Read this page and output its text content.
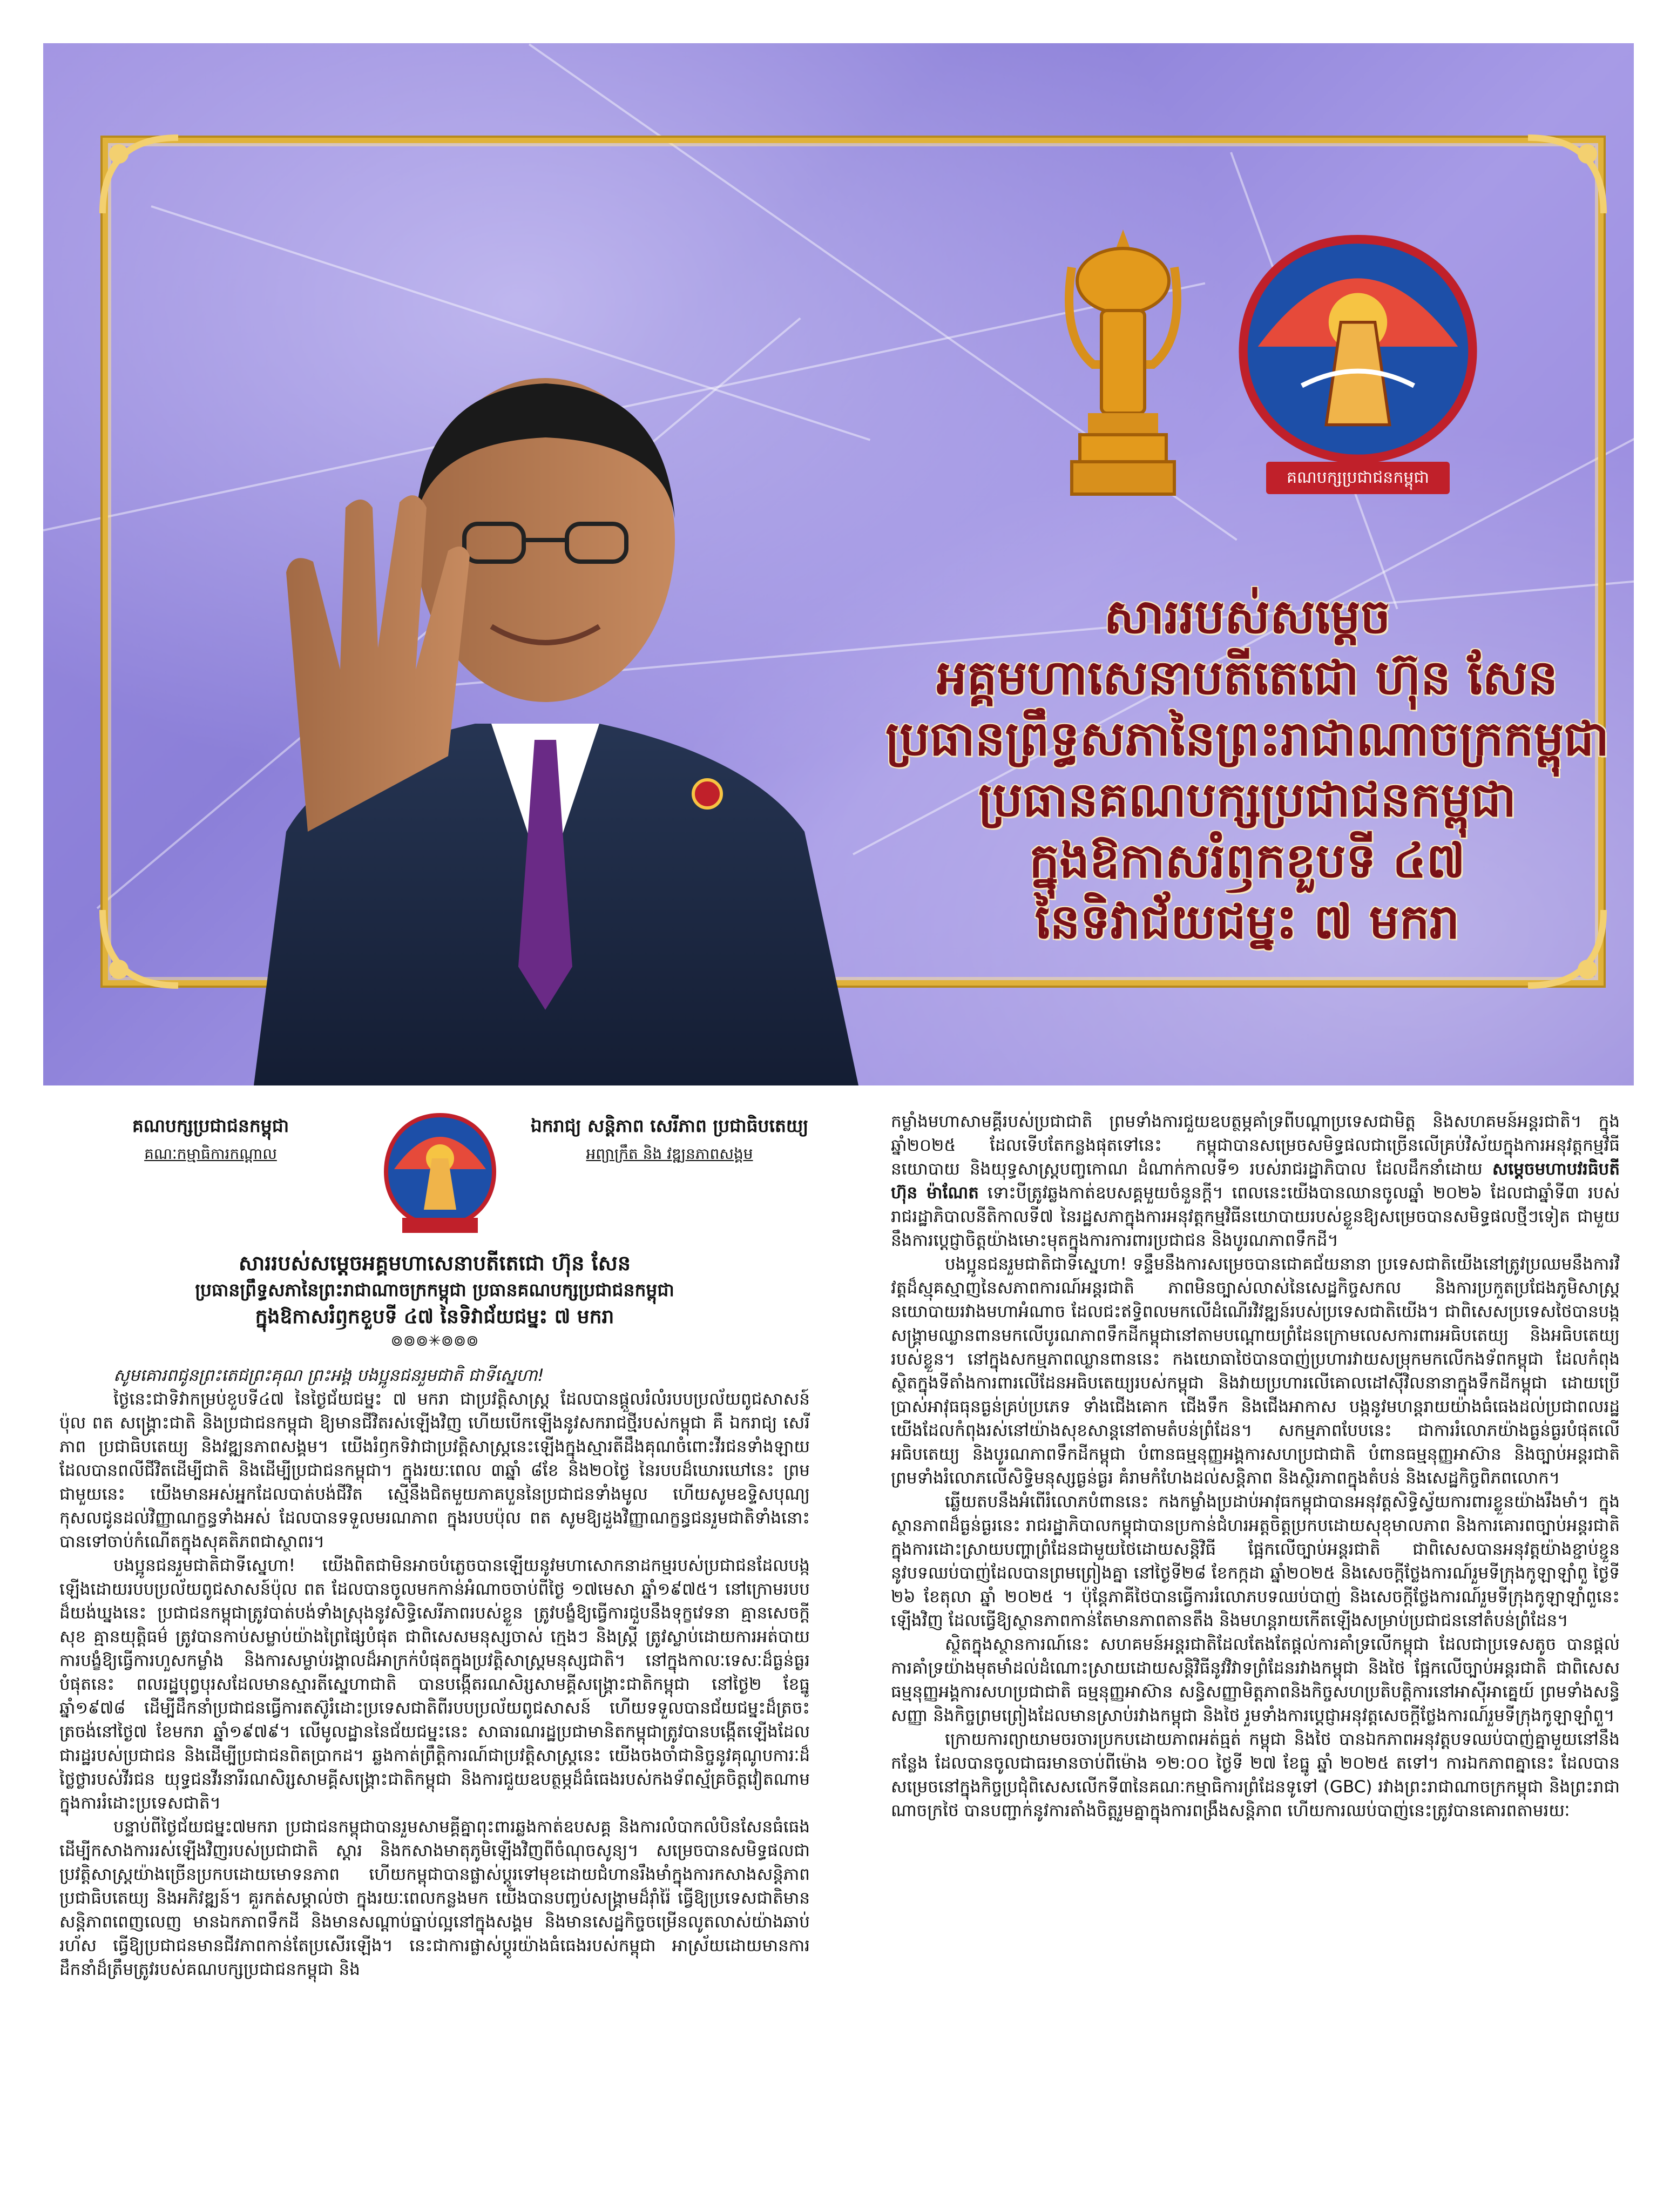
គណបក្សប្រជាជនកម្ពុជា
សាររបស់សម្ដេច
អគ្គមហាសេនាបតីតេជោ ហ៊ុន សែន
ប្រធានព្រឹទ្ធសភានៃព្រះរាជាណាចក្រកម្ពុជា
ប្រធានគណបក្សប្រជាជនកម្ពុជា
ក្នុងឱកាសរំឭកខួបទី ៤៧
នៃទិវាជ័យជម្នះ ៧ មករា
គណបក្សប្រជាជនកម្ពុជា
គណៈកម្មាធិការកណ្ដាល
ឯករាជ្យ សន្តិភាព សេរីភាព ប្រជាធិបតេយ្យ
អព្យាក្រឹត និង វឌ្ឍនភាពសង្គម
សាររបស់សម្តេចអគ្គមហាសេនាបតីតេជោ ហ៊ុន សែន
ប្រធានព្រឹទ្ធសភានៃព្រះរាជាណាចក្រកម្ពុជា ប្រធានគណបក្សប្រជាជនកម្ពុជា
ក្នុងឱកាសរំឭកខួបទី ៤៧ នៃទិវាជ័យជម្នះ ៧ មករា
៙៙៙✳៙៙៙

សូមគោរពជូនព្រះតេជព្រះគុណ ព្រះអង្គ បងប្អូនជនរួមជាតិ ជាទីស្នេហា!

ថ្ងៃនេះជាទិវាកម្រប់ខួបទី៤៧ នៃថ្ងៃជ័យជម្នះ ៧ មករា ជាប្រវត្តិសាស្ត្រ ដែលបានផ្ដួលរំលំរបបប្រល័យពូជសាសន៍ ប៉ុល ពត សង្គ្រោះជាតិ និងប្រជាជនកម្ពុជា ឱ្យមានជីវិតរស់ឡើងវិញ ហើយបើកឡើងនូវសករាជថ្មីរបស់កម្ពុជា គឺ ឯករាជ្យ សេរីភាព ប្រជាធិបតេយ្យ និងវឌ្ឍនភាពសង្គម។ យើងរំឭកទិវាជាប្រវត្តិសាស្ត្រនេះឡើងក្នុងស្មារតីដឹងគុណចំពោះវីរជនទាំងឡាយ ដែលបានពលីជីវិតដើម្បីជាតិ និងដើម្បីប្រជាជនកម្ពុជា។ ក្នុងរយៈពេល ៣ឆ្នាំ ៨ខែ និង២០ថ្ងៃ នៃរបបដ៏ឃោរឃៅនេះ ព្រមជាមួយនេះ យើងមានអស់អ្នកដែលបាត់បង់ជីវិត ស្មើនឹងជិតមួយភាគបួននៃប្រជាជនទាំងមូល ហើយសូមឧទ្ទិសបុណ្យកុសលជូនដល់វិញ្ញាណក្ខន្ធទាំងអស់ ដែលបានទទួលមរណភាព ក្នុងរបបប៉ុល ពត សូមឱ្យដួងវិញ្ញាណក្ខន្ធជនរួមជាតិទាំងនោះ បានទៅចាប់កំណើតក្នុងសុគតិភពជាស្ថាពរ។

បងប្អូនជនរួមជាតិជាទីស្នេហា! យើងពិតជាមិនអាចបំភ្លេចបានឡើយនូវមហាសោកនាដកម្មរបស់ប្រជាជនដែលបង្កឡើងដោយរបបប្រល័យពូជសាសន៍ប៉ុល ពត ដែលបានចូលមកកាន់អំណាចចាប់ពីថ្ងៃ ១៧មេសា ឆ្នាំ១៩៧៥។ នៅក្រោមរបបដ៏យង់ឃ្នងនេះ ប្រជាជនកម្ពុជាត្រូវបាត់បង់ទាំងស្រុងនូវសិទ្ធិសេរីភាពរបស់ខ្លួន ត្រូវបង្ខំឱ្យធ្វើការជួបនឹងទុក្ខវេទនា គ្មានសេចក្ដីសុខ គ្មានយុត្តិធម៌ ត្រូវបានកាប់សម្លាប់យ៉ាងព្រៃផ្សៃបំផុត ជាពិសេសមនុស្សចាស់ ក្មេងៗ និងស្ត្រី ត្រូវស្លាប់ដោយការអត់បាយ ការបង្ខំឱ្យធ្វើការហួសកម្លាំង និងការសម្លាប់រង្គាលដ៏អាក្រក់បំផុតក្នុងប្រវត្តិសាស្ត្រមនុស្សជាតិ។ នៅក្នុងកាលៈទេសៈដ៏ធ្ងន់ធ្ងរបំផុតនេះ ពលរដ្ឋបុព្វបុរសដែលមានស្មារតីស្នេហាជាតិ បានបង្កើតរណសិរ្សសាមគ្គីសង្គ្រោះជាតិកម្ពុជា នៅថ្ងៃ២ ខែធ្នូ ឆ្នាំ១៩៧៨ ដើម្បីដឹកនាំប្រជាជនធ្វើការតស៊ូរំដោះប្រទេសជាតិពីរបបប្រល័យពូជសាសន៍ ហើយទទួលបានជ័យជម្នះដ៏ត្រចះត្រចង់នៅថ្ងៃ៧ ខែមករា ឆ្នាំ១៩៧៩។ លើមូលដ្ឋាននៃជ័យជម្នះនេះ សាធារណរដ្ឋប្រជាមានិតកម្ពុជាត្រូវបានបង្កើតឡើងដែលជារដ្ឋរបស់ប្រជាជន និងដើម្បីប្រជាជនពិតប្រាកដ។ ឆ្លងកាត់ព្រឹត្តិការណ៍ជាប្រវត្តិសាស្ត្រនេះ យើងចងចាំជានិច្ចនូវគុណូបការៈដ៏ថ្លៃថ្លារបស់វីរជន យុទ្ធជនវីរនារីរណសិរ្សសាមគ្គីសង្គ្រោះជាតិកម្ពុជា និងការជួយឧបត្ថម្ភដ៏ធំធេងរបស់កងទ័ពស្ម័គ្រចិត្តវៀតណាម ក្នុងការរំដោះប្រទេសជាតិ។

បន្ទាប់ពីថ្ងៃជ័យជម្នះ៧មករា ប្រជាជនកម្ពុជាបានរួមសាមគ្គីគ្នាពុះពារឆ្លងកាត់ឧបសគ្គ និងការលំបាកលំបិនសែនធំធេង ដើម្បីកសាងការរស់ឡើងវិញរបស់ប្រជាជាតិ ស្តារ និងកសាងមាតុភូមិឡើងវិញពីចំណុចសូន្យ។ សម្រេចបានសមិទ្ធផលជាប្រវត្តិសាស្ត្រយ៉ាងច្រើនប្រកបដោយមោទនភាព ហើយកម្ពុជាបានផ្លាស់ប្តូរទៅមុខដោយជំហានរឹងមាំក្នុងការកសាងសន្តិភាព ប្រជាធិបតេយ្យ និងអភិវឌ្ឍន៍។ គួរកត់សម្គាល់ថា ក្នុងរយៈពេលកន្លងមក យើងបានបញ្ចប់សង្គ្រាមដ៏រ៉ាំរ៉ៃ ធ្វើឱ្យប្រទេសជាតិមានសន្តិភាពពេញលេញ មានឯកភាពទឹកដី និងមានសណ្ដាប់ធ្នាប់ល្អនៅក្នុងសង្គម និងមានសេដ្ឋកិច្ចចម្រើនលូតលាស់យ៉ាងឆាប់រហ័ស ធ្វើឱ្យប្រជាជនមានជីវភាពកាន់តែប្រសើរឡើង។ នេះជាការផ្លាស់ប្ដូរយ៉ាងធំធេងរបស់កម្ពុជា អាស្រ័យដោយមានការដឹកនាំដ៏ត្រឹមត្រូវរបស់គណបក្សប្រជាជនកម្ពុជា និង

កម្លាំងមហាសាមគ្គីរបស់ប្រជាជាតិ ព្រមទាំងការជួយឧបត្ថម្ភគាំទ្រពីបណ្ដាប្រទេសជាមិត្ត និងសហគមន៍អន្តរជាតិ។ ក្នុងឆ្នាំ២០២៥ ដែលទើបតែកន្លងផុតទៅនេះ កម្ពុជាបានសម្រេចសមិទ្ធផលជាច្រើនលើគ្រប់វិស័យក្នុងការអនុវត្តកម្មវិធីនយោបាយ និងយុទ្ធសាស្ត្របញ្ចកោណ ដំណាក់កាលទី១ របស់រាជរដ្ឋាភិបាល ដែលដឹកនាំដោយ សម្ដេចមហាបវរធិបតី ហ៊ុន ម៉ាណែត ទោះបីត្រូវឆ្លងកាត់ឧបសគ្គមួយចំនួនក្ដី។ ពេលនេះយើងបានឈានចូលឆ្នាំ ២០២៦ ដែលជាឆ្នាំទី៣ របស់រាជរដ្ឋាភិបាលនីតិកាលទី៧ នៃរដ្ឋសភាក្នុងការអនុវត្តកម្មវិធីនយោបាយរបស់ខ្លួនឱ្យសម្រេចបានសមិទ្ធផលថ្មីៗទៀត ជាមួយនឹងការប្ដេជ្ញាចិត្តយ៉ាងមោះមុតក្នុងការការពារប្រជាជន និងបូរណភាពទឹកដី។

បងប្អូនជនរួមជាតិជាទីស្នេហា! ទន្ទឹមនឹងការសម្រេចបានជោគជ័យនានា ប្រទេសជាតិយើងនៅត្រូវប្រឈមនឹងការវិវត្តដ៏ស្មុគស្មាញនៃសភាពការណ៍អន្តរជាតិ ភាពមិនច្បាស់លាស់នៃសេដ្ឋកិច្ចសកល និងការប្រកួតប្រជែងភូមិសាស្ត្រនយោបាយរវាងមហាអំណាច ដែលជះឥទ្ធិពលមកលើដំណើរវិវឌ្ឍន៍របស់ប្រទេសជាតិយើង។ ជាពិសេសប្រទេសថៃបានបង្កសង្គ្រាមឈ្លានពានមកលើបូរណភាពទឹកដីកម្ពុជានៅតាមបណ្ដោយព្រំដែនក្រោមលេសការពារអធិបតេយ្យ និងអធិបតេយ្យរបស់ខ្លួន។ នៅក្នុងសកម្មភាពឈ្លានពាននេះ កងយោធាថៃបានបាញ់ប្រហារវាយសម្រុកមកលើកងទ័ពកម្ពុជា ដែលកំពុងស្ថិតក្នុងទីតាំងការពារលើដែនអធិបតេយ្យរបស់កម្ពុជា និងវាយប្រហារលើគោលដៅស៊ីវិលនានាក្នុងទឹកដីកម្ពុជា ដោយប្រើប្រាស់អាវុធធុនធ្ងន់គ្រប់ប្រភេទ ទាំងជើងគោក ជើងទឹក និងជើងអាកាស បង្កនូវមហន្តរាយយ៉ាងធំធេងដល់ប្រជាពលរដ្ឋយើងដែលកំពុងរស់នៅយ៉ាងសុខសាន្តនៅតាមតំបន់ព្រំដែន។ សកម្មភាពបែបនេះ ជាការរំលោភយ៉ាងធ្ងន់ធ្ងរបំផុតលើអធិបតេយ្យ និងបូរណភាពទឹកដីកម្ពុជា បំពានធម្មនុញ្ញអង្គការសហប្រជាជាតិ បំពានធម្មនុញ្ញអាស៊ាន និងច្បាប់អន្តរជាតិ ព្រមទាំងរំលោភលើសិទ្ធិមនុស្សធ្ងន់ធ្ងរ គំរាមកំហែងដល់សន្តិភាព និងស្ថិរភាពក្នុងតំបន់ និងសេដ្ឋកិច្ចពិភពលោក។

ឆ្លើយតបនឹងអំពើរំលោភបំពាននេះ កងកម្លាំងប្រដាប់អាវុធកម្ពុជាបានអនុវត្តសិទ្ធិស្វ័យការពារខ្លួនយ៉ាងរឹងមាំ។ ក្នុងស្ថានភាពដ៏ធ្ងន់ធ្ងរនេះ រាជរដ្ឋាភិបាលកម្ពុជាបានប្រកាន់ជំហរអត្តចិត្តប្រកបដោយសុខុមាលភាព និងការគោរពច្បាប់អន្តរជាតិ ក្នុងការដោះស្រាយបញ្ហាព្រំដែនជាមួយថៃដោយសន្តិវិធី ផ្អែកលើច្បាប់អន្តរជាតិ ជាពិសេសបានអនុវត្តយ៉ាងខ្ជាប់ខ្ជួននូវបទឈប់បាញ់ដែលបានព្រមព្រៀងគ្នា នៅថ្ងៃទី២៨ ខែកក្កដា ឆ្នាំ២០២៥ និងសេចក្តីថ្លែងការណ៍រួមទីក្រុងកូឡាឡាំពួ ថ្ងៃទី ២៦ ខែតុលា ឆ្នាំ ២០២៥ ។ ប៉ុន្តែភាគីថៃបានធ្វើការរំលោភបទឈប់បាញ់ និងសេចក្ដីថ្លែងការណ៍រួមទីក្រុងកូឡាឡាំពួនេះឡើងវិញ ដែលធ្វើឱ្យស្ថានភាពកាន់តែមានភាពតានតឹង និងមហន្តរាយកើតឡើងសម្រាប់ប្រជាជននៅតំបន់ព្រំដែន។

ស្ថិតក្នុងស្ថានការណ៍នេះ សហគមន៍អន្តរជាតិដែលតែងតែផ្ដល់ការគាំទ្រលើកម្ពុជា ដែលជាប្រទេសតូច បានផ្ដល់ការគាំទ្រយ៉ាងមុតមាំដល់ដំណោះស្រាយដោយសន្តិវិធីនូវវិវាទព្រំដែនរវាងកម្ពុជា និងថៃ ផ្អែកលើច្បាប់អន្តរជាតិ ជាពិសេស ធម្មនុញ្ញអង្គការសហប្រជាជាតិ ធម្មនុញ្ញអាស៊ាន សន្ធិសញ្ញាមិត្តភាពនិងកិច្ចសហប្រតិបត្តិការនៅអាស៊ីអាគ្នេយ៍ ព្រមទាំងសន្ធិសញ្ញា និងកិច្ចព្រមព្រៀងដែលមានស្រាប់រវាងកម្ពុជា និងថៃ រួមទាំងការប្ដេជ្ញាអនុវត្តសេចក្ដីថ្លែងការណ៍រួមទីក្រុងកូឡាឡាំពួ។

ក្រោយការព្យាយាមចរចារប្រកបដោយភាពអត់ធ្មត់ កម្ពុជា និងថៃ បានឯកភាពអនុវត្តបទឈប់បាញ់គ្នាមួយនៅនឹងកន្លែង ដែលបានចូលជាធរមានចាប់ពីម៉ោង ១២:០០ ថ្ងៃទី ២៧ ខែធ្នូ ឆ្នាំ ២០២៥ តទៅ។ ការឯកភាពគ្នានេះ ដែលបានសម្រេចនៅក្នុងកិច្ចប្រជុំពិសេសលើកទី៣នៃគណៈកម្មាធិការព្រំដែនទូទៅ (GBC) រវាងព្រះរាជាណាចក្រកម្ពុជា និងព្រះរាជាណាចក្រថៃ បានបញ្ជាក់នូវការតាំងចិត្តរួមគ្នាក្នុងការពង្រឹងសន្តិភាព ហើយការឈប់បាញ់នេះត្រូវបានគោរពតាមរយៈ
